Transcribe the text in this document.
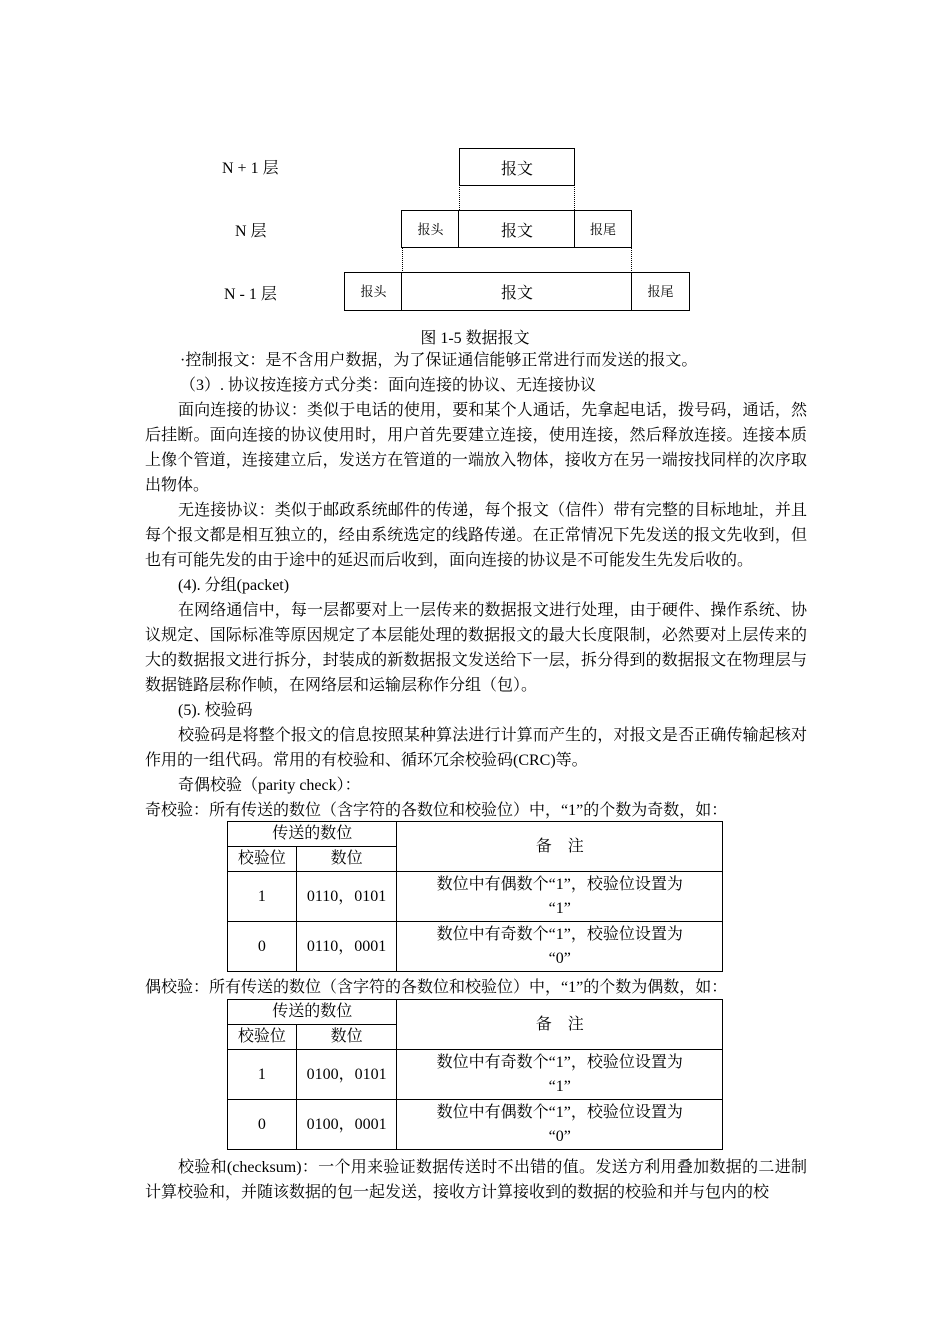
N + 1 层
N 层
N - 1 层
报文
报头	报文	报尾
报头	报文	报尾
图 1-5 数据报文
·控制报文：是不含用户数据，为了保证通信能够正常进行而发送的报文。
（3）. 协议按连接方式分类：面向连接的协议、无连接协议
面向连接的协议：类似于电话的使用，要和某个人通话，先拿起电话，拨号码，通话，然后挂断。面向连接的协议使用时，用户首先要建立连接，使用连接，然后释放连接。连接本质上像个管道，连接建立后，发送方在管道的一端放入物体，接收方在另一端按找同样的次序取出物体。
无连接协议：类似于邮政系统邮件的传递，每个报文（信件）带有完整的目标地址，并且每个报文都是相互独立的，经由系统选定的线路传递。在正常情况下先发送的报文先收到，但也有可能先发的由于途中的延迟而后收到，面向连接的协议是不可能发生先发后收的。
(4). 分组(packet)
在网络通信中，每一层都要对上一层传来的数据报文进行处理，由于硬件、操作系统、协议规定、国际标准等原因规定了本层能处理的数据报文的最大长度限制，必然要对上层传来的大的数据报文进行拆分，封装成的新数据报文发送给下一层，拆分得到的数据报文在物理层与数据链路层称作帧，在网络层和运输层称作分组（包）。
(5). 校验码
校验码是将整个报文的信息按照某种算法进行计算而产生的，对报文是否正确传输起核对作用的一组代码。常用的有校验和、循环冗余校验码(CRC)等。
奇偶校验（parity check）：
奇校验：所有传送的数位（含字符的各数位和校验位）中，“1”的个数为奇数，如：
传送的数位		备　注
校验位	数位	
1	0110，0101	数位中有偶数个“1”，校验位设置为
“1”
0	0110，0001	数位中有奇数个“1”，校验位设置为
“0”
偶校验：所有传送的数位（含字符的各数位和校验位）中，“1”的个数为偶数，如：
传送的数位		备　注
校验位	数位	
1	0100，0101	数位中有奇数个“1”，校验位设置为
“1”
0	0100，0001	数位中有偶数个“1”，校验位设置为
“0”
校验和(checksum)：一个用来验证数据传送时不出错的值。发送方利用叠加数据的二进制计算校验和，并随该数据的包一起发送，接收方计算接收到的数据的校验和并与包内的校
